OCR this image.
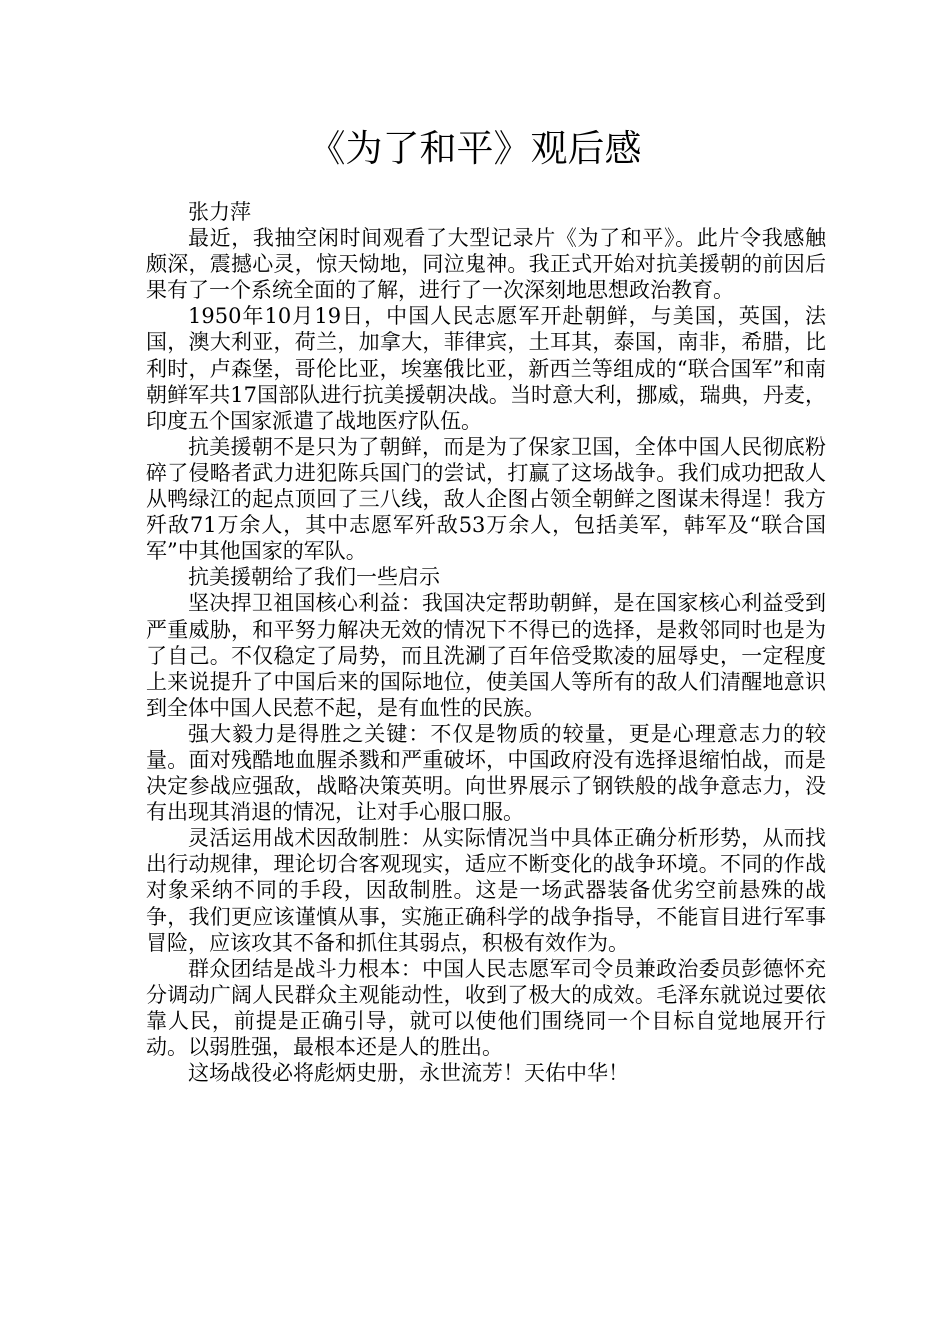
《为了和平》观后感

张力萍

最近，我抽空闲时间观看了大型记录片《为了和平》。此片令我感触颇深，震撼心灵，惊天恸地，同泣鬼神。我正式开始对抗美援朝的前因后果有了一个系统全面的了解，进行了一次深刻地思想政治教育。

1950年10月19日，中国人民志愿军开赴朝鲜，与美国，英国，法国，澳大利亚，荷兰，加拿大，菲律宾，土耳其，泰国，南非，希腊，比利时，卢森堡，哥伦比亚，埃塞俄比亚，新西兰等组成的“联合国军”和南朝鲜军共17国部队进行抗美援朝决战。当时意大利，挪威，瑞典，丹麦，印度五个国家派遣了战地医疗队伍。

抗美援朝不是只为了朝鲜，而是为了保家卫国，全体中国人民彻底粉碎了侵略者武力进犯陈兵国门的尝试，打赢了这场战争。我们成功把敌人从鸭绿江的起点顶回了三八线，敌人企图占领全朝鲜之图谋未得逞！我方歼敌71万余人，其中志愿军歼敌53万余人，包括美军，韩军及“联合国军”中其他国家的军队。

抗美援朝给了我们一些启示

坚决捍卫祖国核心利益：我国决定帮助朝鲜，是在国家核心利益受到严重威胁，和平努力解决无效的情况下不得已的选择，是救邻同时也是为了自己。不仅稳定了局势，而且洗涮了百年倍受欺凌的屈辱史，一定程度上来说提升了中国后来的国际地位，使美国人等所有的敌人们清醒地意识到全体中国人民惹不起，是有血性的民族。

强大毅力是得胜之关键：不仅是物质的较量，更是心理意志力的较量。面对残酷地血腥杀戮和严重破坏，中国政府没有选择退缩怕战，而是决定参战应强敌，战略决策英明。向世界展示了钢铁般的战争意志力，没有出现其消退的情况，让对手心服口服。

灵活运用战术因敌制胜：从实际情况当中具体正确分析形势，从而找出行动规律，理论切合客观现实，适应不断变化的战争环境。不同的作战对象采纳不同的手段，因敌制胜。这是一场武器装备优劣空前悬殊的战争，我们更应该谨慎从事，实施正确科学的战争指导，不能盲目进行军事冒险，应该攻其不备和抓住其弱点，积极有效作为。

群众团结是战斗力根本：中国人民志愿军司令员兼政治委员彭德怀充分调动广阔人民群众主观能动性，收到了极大的成效。毛泽东就说过要依靠人民，前提是正确引导，就可以使他们围绕同一个目标自觉地展开行动。以弱胜强，最根本还是人的胜出。

这场战役必将彪炳史册，永世流芳！天佑中华！
